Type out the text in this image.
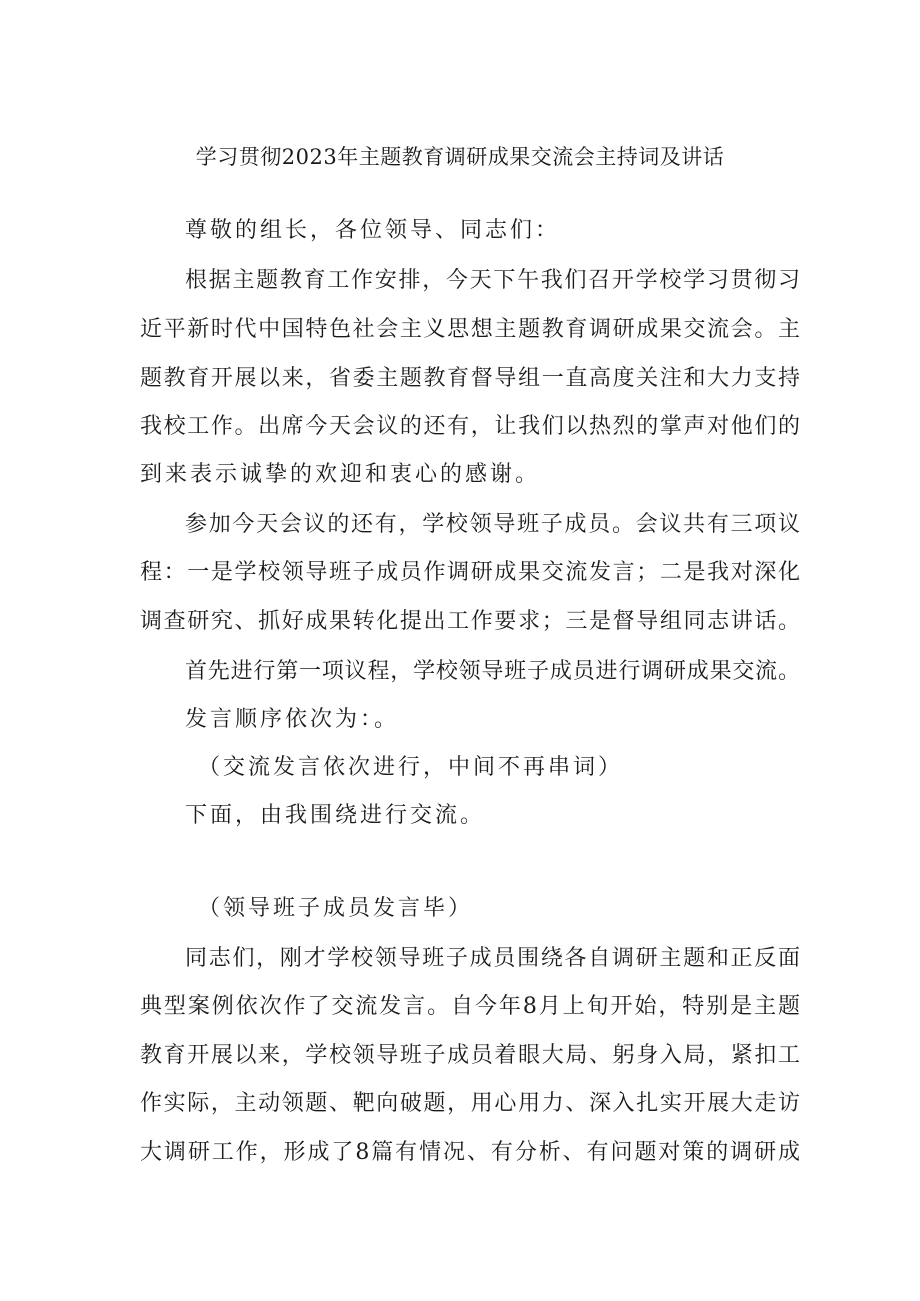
学习贯彻2023年主题教育调研成果交流会主持词及讲话

尊敬的组长，各位领导、同志们：

根据主题教育工作安排，今天下午我们召开学校学习贯彻习

近平新时代中国特色社会主义思想主题教育调研成果交流会。主

题教育开展以来，省委主题教育督导组一直高度关注和大力支持

我校工作。出席今天会议的还有，让我们以热烈的掌声对他们的

到来表示诚挚的欢迎和衷心的感谢。

参加今天会议的还有，学校领导班子成员。会议共有三项议

程：一是学校领导班子成员作调研成果交流发言；二是我对深化

调查研究、抓好成果转化提出工作要求；三是督导组同志讲话。

首先进行第一项议程，学校领导班子成员进行调研成果交流。

发言顺序依次为：。

（交流发言依次进行，中间不再串词）

下面，由我围绕进行交流。

（领导班子成员发言毕）

同志们，刚才学校领导班子成员围绕各自调研主题和正反面

典型案例依次作了交流发言。自今年8月上旬开始，特别是主题

教育开展以来，学校领导班子成员着眼大局、躬身入局，紧扣工

作实际，主动领题、靶向破题，用心用力、深入扎实开展大走访

大调研工作，形成了8篇有情况、有分析、有问题对策的调研成
